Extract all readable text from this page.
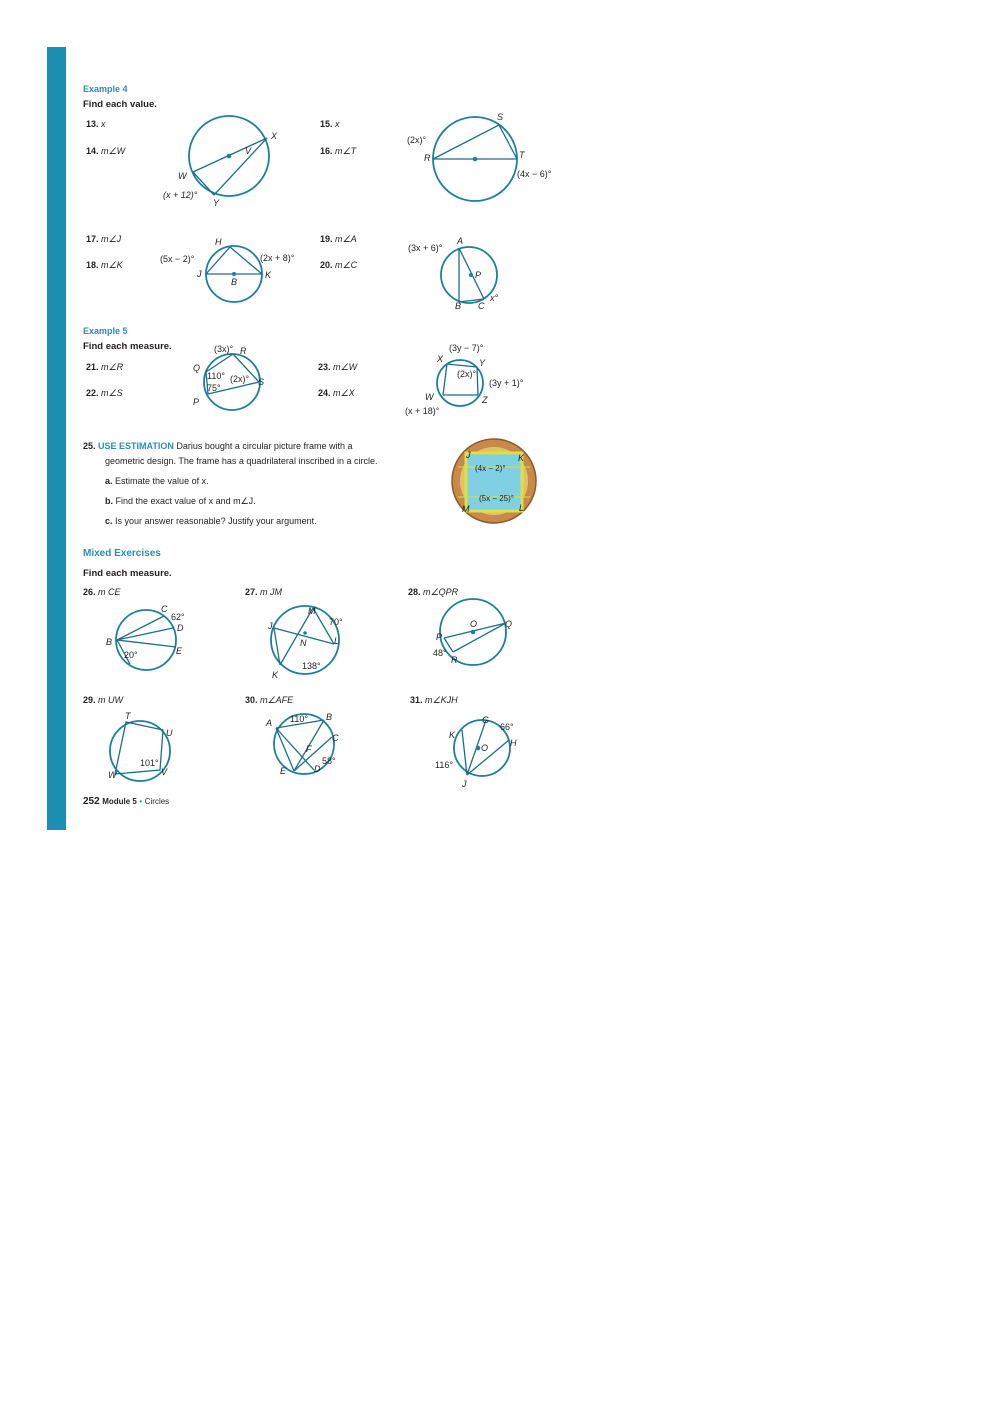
Example 4
Find each value.
13. x
14. m∠W
15. x
16. m∠T
X
W
Y
V
(x + 12)°
S
R	T
(2x)°
(4x − 6)°
17. m∠J
18. m∠K
19. m∠A
20. m∠C
H
J	K
B
(5x − 2)°	(2x + 8)°
A
P
B C
(3x + 6)°
x°
Example 5
Find each measure.
21. m∠R
22. m∠S
23. m∠W
24. m∠X
(3x)° R
Q
S
P
110° (2x)°
75°
(3y − 7)°
X	Y
(2x)°
(3y + 1)°
W	Z
(x + 18)°
25. USE ESTIMATION Darius bought a circular picture frame with a
geometric design. The frame has a quadrilateral inscribed in a circle.
a. Estimate the value of x.
b. Find the exact value of x and m∠J.
c. Is your answer reasonable? Justify your argument.
J	K
M	L
(4x − 2)°
(5x − 25)°
Mixed Exercises
Find each measure.
26. m CE	27. m JM	28. m∠QPR
C
62°
D
B
E
20°
M
70°
J
L
N
138°
K
O	Q
P
48°
R
29. m UW	30. m∠AFE	31. m∠KJH
T
U
101°
W	V
110° B
A
C
F
58°
D
E
G
66°
K
H
O
116°
J
252 Module 5 • Circles
